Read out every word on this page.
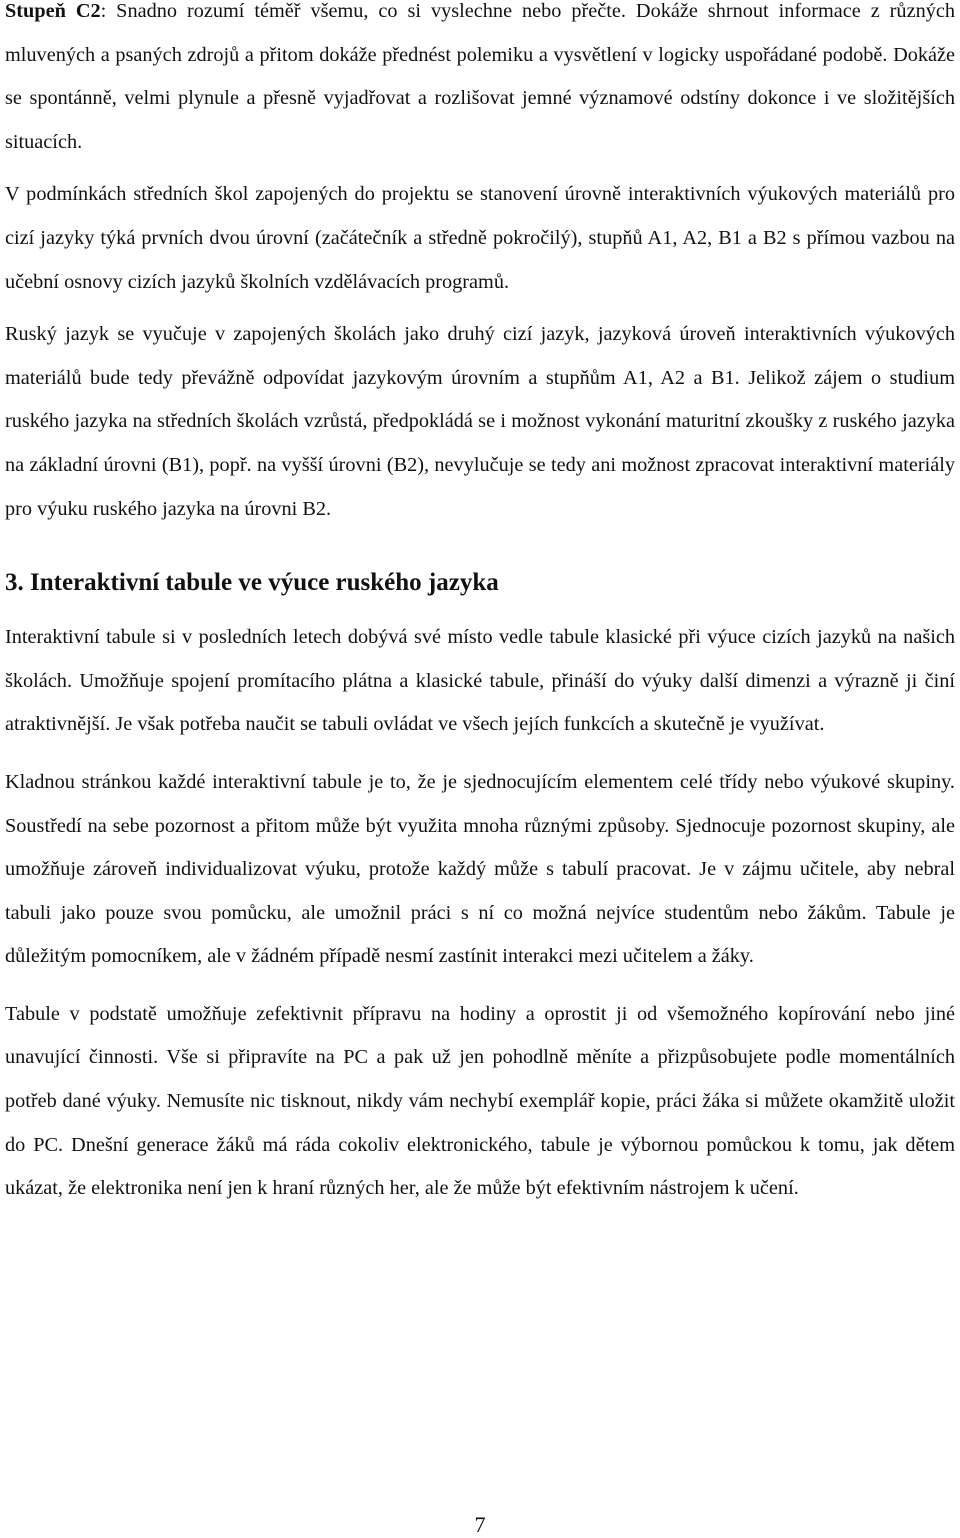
Stupeň C2: Snadno rozumí téměř všemu, co si vyslechne nebo přečte. Dokáže shrnout informace z různých mluvených a psaných zdrojů a přitom dokáže přednést polemiku a vysvětlení v logicky uspořádané podobě. Dokáže se spontánně, velmi plynule a přesně vyjadřovat a rozlišovat jemné významové odstíny dokonce i ve složitějších situacích.

V podmínkách středních škol zapojených do projektu se stanovení úrovně interaktivních výukových materiálů pro cizí jazyky týká prvních dvou úrovní (začátečník a středně pokročilý), stupňů A1, A2, B1 a B2 s přímou vazbou na učební osnovy cizích jazyků školních vzdělávacích programů.

Ruský jazyk se vyučuje v zapojených školách jako druhý cizí jazyk, jazyková úroveň interaktivních výukových materiálů bude tedy převážně odpovídat jazykovým úrovním a stupňům A1, A2 a B1. Jelikož zájem o studium ruského jazyka na středních školách vzrůstá, předpokládá se i možnost vykonání maturitní zkoušky z ruského jazyka na základní úrovni (B1), popř. na vyšší úrovni (B2), nevylučuje se tedy ani možnost zpracovat interaktivní materiály pro výuku ruského jazyka na úrovni B2.

3. Interaktivní tabule ve výuce ruského jazyka

Interaktivní tabule si v posledních letech dobývá své místo vedle tabule klasické při výuce cizích jazyků na našich školách. Umožňuje spojení promítacího plátna a klasické tabule, přináší do výuky další dimenzi a výrazně ji činí atraktivnější. Je však potřeba naučit se tabuli ovládat ve všech jejích funkcích a skutečně je využívat.

Kladnou stránkou každé interaktivní tabule je to, že je sjednocujícím elementem celé třídy nebo výukové skupiny. Soustředí na sebe pozornost a přitom může být využita mnoha různými způsoby. Sjednocuje pozornost skupiny, ale umožňuje zároveň individualizovat výuku, protože každý může s tabulí pracovat. Je v zájmu učitele, aby nebral tabuli jako pouze svou pomůcku, ale umožnil práci s ní co možná nejvíce studentům nebo žákům. Tabule je důležitým pomocníkem, ale v žádném případě nesmí zastínit interakci mezi učitelem a žáky.

Tabule v podstatě umožňuje zefektivnit přípravu na hodiny a oprostit ji od všemožného kopírování nebo jiné unavující činnosti. Vše si připravíte na PC a pak už jen pohodlně měníte a přizpůsobujete podle momentálních potřeb dané výuky. Nemusíte nic tisknout, nikdy vám nechybí exemplář kopie, práci žáka si můžete okamžitě uložit do PC. Dnešní generace žáků má ráda cokoliv elektronického, tabule je výbornou pomůckou k tomu, jak dětem ukázat, že elektronika není jen k hraní různých her, ale že může být efektivním nástrojem k učení.

7
